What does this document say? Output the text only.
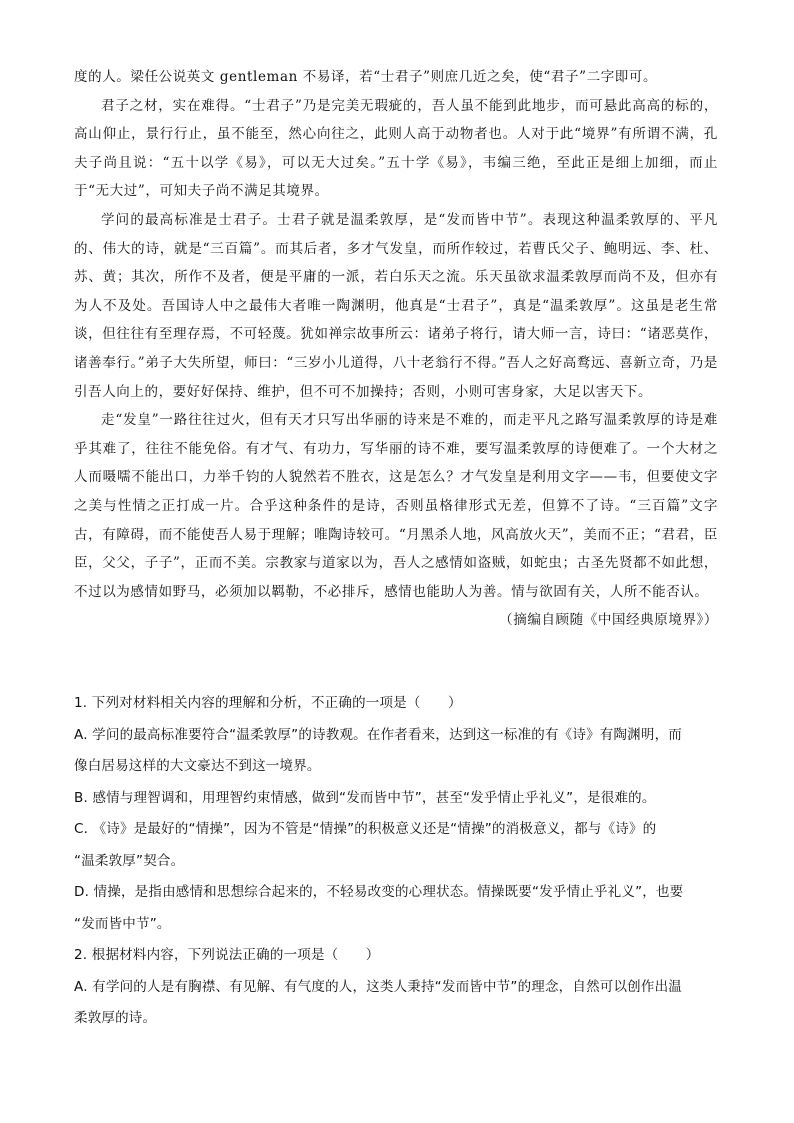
度的人。梁任公说英文 gentleman 不易译，若“士君子”则庶几近之矣，使“君子”二字即可。

君子之材，实在难得。“士君子”乃是完美无瑕疵的，吾人虽不能到此地步，而可悬此高高的标的，高山仰止，景行行止，虽不能至，然心向往之，此则人高于动物者也。人对于此“境界”有所谓不满，孔夫子尚且说：“五十以学《易》，可以无大过矣。”五十学《易》，韦编三绝，至此正是细上加细，而止于“无大过”，可知夫子尚不满足其境界。

学问的最高标准是士君子。士君子就是温柔敦厚，是“发而皆中节”。表现这种温柔敦厚的、平凡的、伟大的诗，就是“三百篇”。而其后者，多才气发皇，而所作较过，若曹氏父子、鲍明远、李、杜、苏、黄；其次，所作不及者，便是平庸的一派，若白乐天之流。乐天虽欲求温柔敦厚而尚不及，但亦有为人不及处。吾国诗人中之最伟大者唯一陶渊明，他真是“士君子”，真是“温柔敦厚”。这虽是老生常谈，但往往有至理存焉，不可轻蔑。犹如禅宗故事所云：诸弟子将行，请大师一言，诗曰：“诸恶莫作，诸善奉行。”弟子大失所望，师曰：“三岁小儿道得，八十老翁行不得。”吾人之好高鹜远、喜新立奇，乃是引吾人向上的，要好好保持、维护，但不可不加操持；否则，小则可害身家，大足以害天下。

走“发皇”一路往往过火，但有天才只写出华丽的诗来是不难的，而走平凡之路写温柔敦厚的诗是难乎其难了，往往不能免俗。有才气、有功力，写华丽的诗不难，要写温柔敦厚的诗便难了。一个大材之人而嗫嚅不能出口，力举千钧的人貌然若不胜衣，这是怎么？才气发皇是利用文字——韦，但要使文字之美与性情之正打成一片。合乎这种条件的是诗，否则虽格律形式无差，但算不了诗。“三百篇”文字古，有障碍，而不能使吾人易于理解；唯陶诗较可。“月黑杀人地，风高放火天”，美而不正；“君君，臣臣，父父，子子”，正而不美。宗教家与道家以为，吾人之感情如盗贼，如蛇虫；古圣先贤都不如此想，不过以为感情如野马，必须加以羁勒，不必排斥，感情也能助人为善。情与欲固有关，人所不能否认。

（摘编自顾随《中国经典原境界》）

1. 下列对材料相关内容的理解和分析，不正确的一项是（　　）

A. 学问的最高标准要符合“温柔敦厚”的诗教观。在作者看来，达到这一标准的有《诗》有陶渊明，而

像白居易这样的大文豪达不到这一境界。

B. 感情与理智调和，用理智约束情感，做到“发而皆中节”，甚至“发乎情止乎礼义”，是很难的。

C. 《诗》是最好的“情操”，因为不管是“情操”的积极意义还是“情操”的消极意义，都与《诗》的

“温柔敦厚”契合。

D. 情操，是指由感情和思想综合起来的，不轻易改变的心理状态。情操既要“发乎情止乎礼义”，也要

“发而皆中节”。

2. 根据材料内容，下列说法正确的一项是（　　）

A. 有学问的人是有胸襟、有见解、有气度的人，这类人秉持“发而皆中节”的理念，自然可以创作出温

柔敦厚的诗。
